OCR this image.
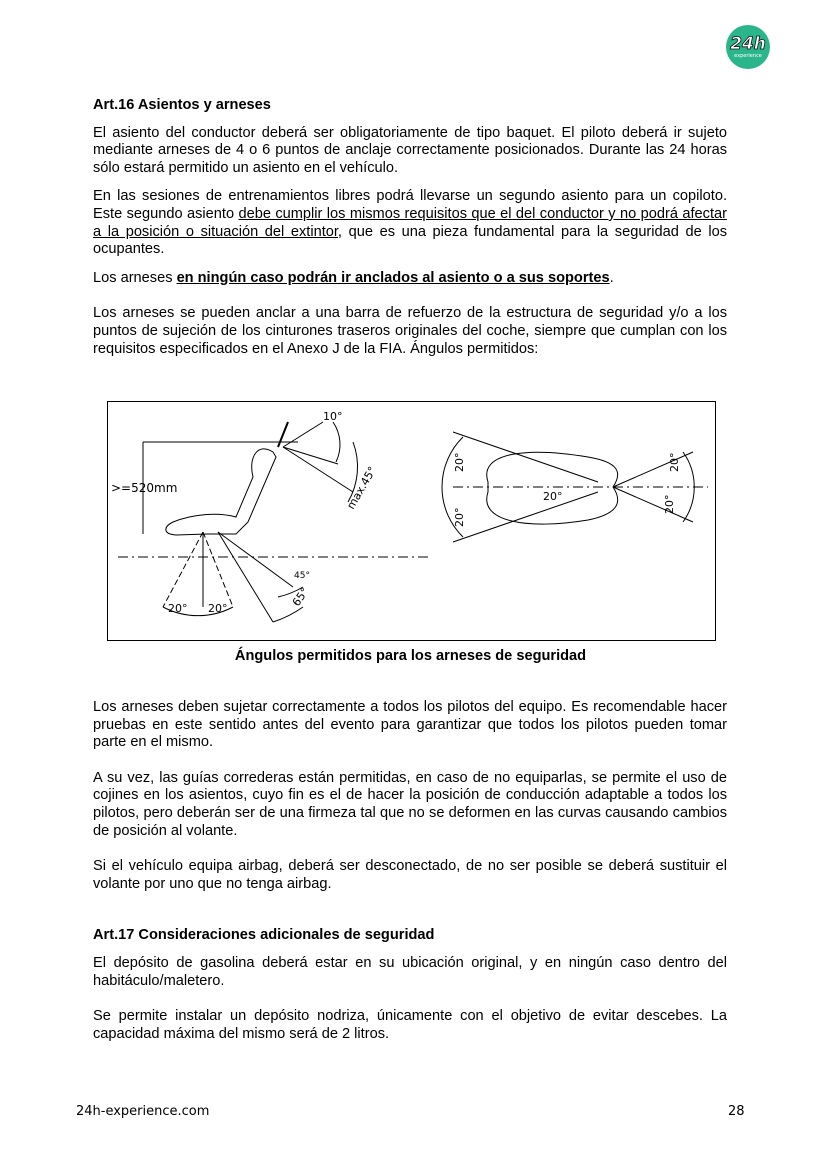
24h
experience
Art.16 Asientos y arneses
El asiento del conductor deberá ser obligatoriamente de tipo baquet. El piloto deberá ir sujeto mediante arneses de 4 o 6 puntos de anclaje correctamente posicionados. Durante las 24 horas sólo estará permitido un asiento en el vehículo.
En las sesiones de entrenamientos libres podrá llevarse un segundo asiento para un copiloto. Este segundo asiento debe cumplir los mismos requisitos que el del conductor y no podrá afectar a la posición o situación del extintor, que es una pieza fundamental para la seguridad de los ocupantes.
Los arneses en ningún caso podrán ir anclados al asiento o a sus soportes.
Los arneses se pueden anclar a una barra de refuerzo de la estructura de seguridad y/o a los puntos de sujeción de los cinturones traseros originales del coche, siempre que cumplan con los requisitos especificados en el Anexo J de la FIA. Ángulos permitidos:
10°
max.45°
>=520mm
45°
65°
20° 20°
20°
20°
20°
20°
20°
Ángulos permitidos para los arneses de seguridad
Los arneses deben sujetar correctamente a todos los pilotos del equipo. Es recomendable hacer pruebas en este sentido antes del evento para garantizar que todos los pilotos pueden tomar parte en el mismo.
A su vez, las guías correderas están permitidas, en caso de no equiparlas, se permite el uso de cojines en los asientos, cuyo fin es el de hacer la posición de conducción adaptable a todos los pilotos, pero deberán ser de una firmeza tal que no se deformen en las curvas causando cambios de posición al volante.
Si el vehículo equipa airbag, deberá ser desconectado, de no ser posible se deberá sustituir el volante por uno que no tenga airbag.
Art.17 Consideraciones adicionales de seguridad
El depósito de gasolina deberá estar en su ubicación original, y en ningún caso dentro del habitáculo/maletero.
Se permite instalar un depósito nodriza, únicamente con el objetivo de evitar descebes. La capacidad máxima del mismo será de 2 litros.
24h-experience.com	28
